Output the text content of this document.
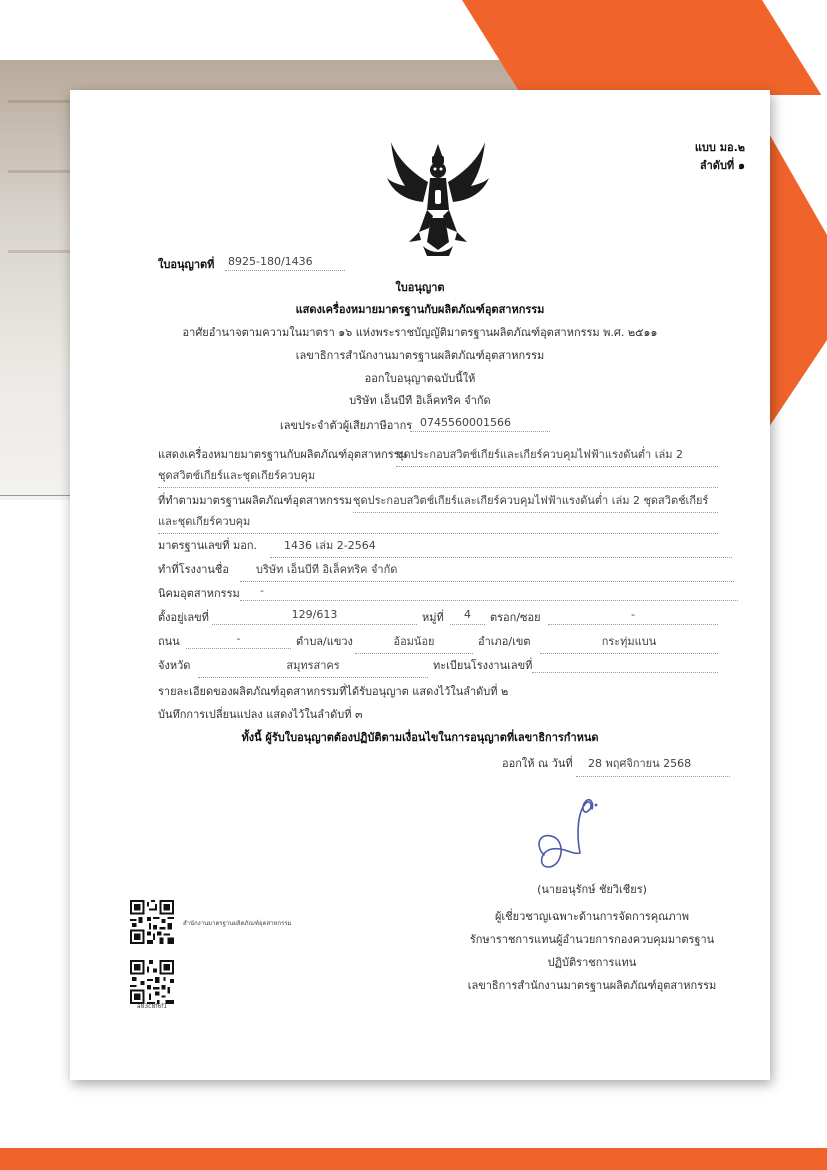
แบบ มอ.๒
ลำดับที่ ๑
ใบอนุญาตที่ 8925-180/1436
ใบอนุญาต
แสดงเครื่องหมายมาตรฐานกับผลิตภัณฑ์อุตสาหกรรม
อาศัยอำนาจตามความในมาตรา ๑๖ แห่งพระราชบัญญัติมาตรฐานผลิตภัณฑ์อุตสาหกรรม พ.ศ. ๒๕๑๑
เลขาธิการสำนักงานมาตรฐานผลิตภัณฑ์อุตสาหกรรม
ออกใบอนุญาตฉบับนี้ให้
บริษัท เอ็นบีที อิเล็คทริค จำกัด
เลขประจำตัวผู้เสียภาษีอากร 0745560001566
แสดงเครื่องหมายมาตรฐานกับผลิตภัณฑ์อุตสาหกรรม
ชุดประกอบสวิตช์เกียร์และเกียร์ควบคุมไฟฟ้าแรงดันต่ำ เล่ม 2
ชุดสวิตช์เกียร์และชุดเกียร์ควบคุม
ที่ทำตามมาตรฐานผลิตภัณฑ์อุตสาหกรรม ชุดประกอบสวิตช์เกียร์และเกียร์ควบคุมไฟฟ้าแรงดันต่ำ เล่ม 2 ชุดสวิตช์เกียร์
และชุดเกียร์ควบคุม
มาตรฐานเลขที่ มอก.	1436 เล่ม 2-2564
ทำที่โรงงานชื่อ	บริษัท เอ็นบีที อิเล็คทริค จำกัด
นิคมอุตสาหกรรม	-
ตั้งอยู่เลขที่	129/613	หมู่ที่	4	ตรอก/ซอย	-
ถนน	-	ตำบล/แขวง	อ้อมน้อย	อำเภอ/เขต	กระทุ่มแบน
จังหวัด	สมุทรสาคร	ทะเบียนโรงงานเลขที่
รายละเอียดของผลิตภัณฑ์อุตสาหกรรมที่ได้รับอนุญาต แสดงไว้ในลำดับที่ ๒
บันทึกการเปลี่ยนแปลง แสดงไว้ในลำดับที่ ๓
ทั้งนี้ ผู้รับใบอนุญาตต้องปฏิบัติตามเงื่อนไขในการอนุญาตที่เลขาธิการกำหนด
ออกให้ ณ วันที่	28 พฤศจิกายน 2568
(นายอนุรักษ์ ชัยวิเชียร)
ผู้เชี่ยวชาญเฉพาะด้านการจัดการคุณภาพ
รักษาราชการแทนผู้อำนวยการกองควบคุมมาตรฐาน
ปฏิบัติราชการแทน
เลขาธิการสำนักงานมาตรฐานผลิตภัณฑ์อุตสาหกรรม
สำนักงานมาตรฐานผลิตภัณฑ์อุตสาหกรรม
a83c8f6f1
